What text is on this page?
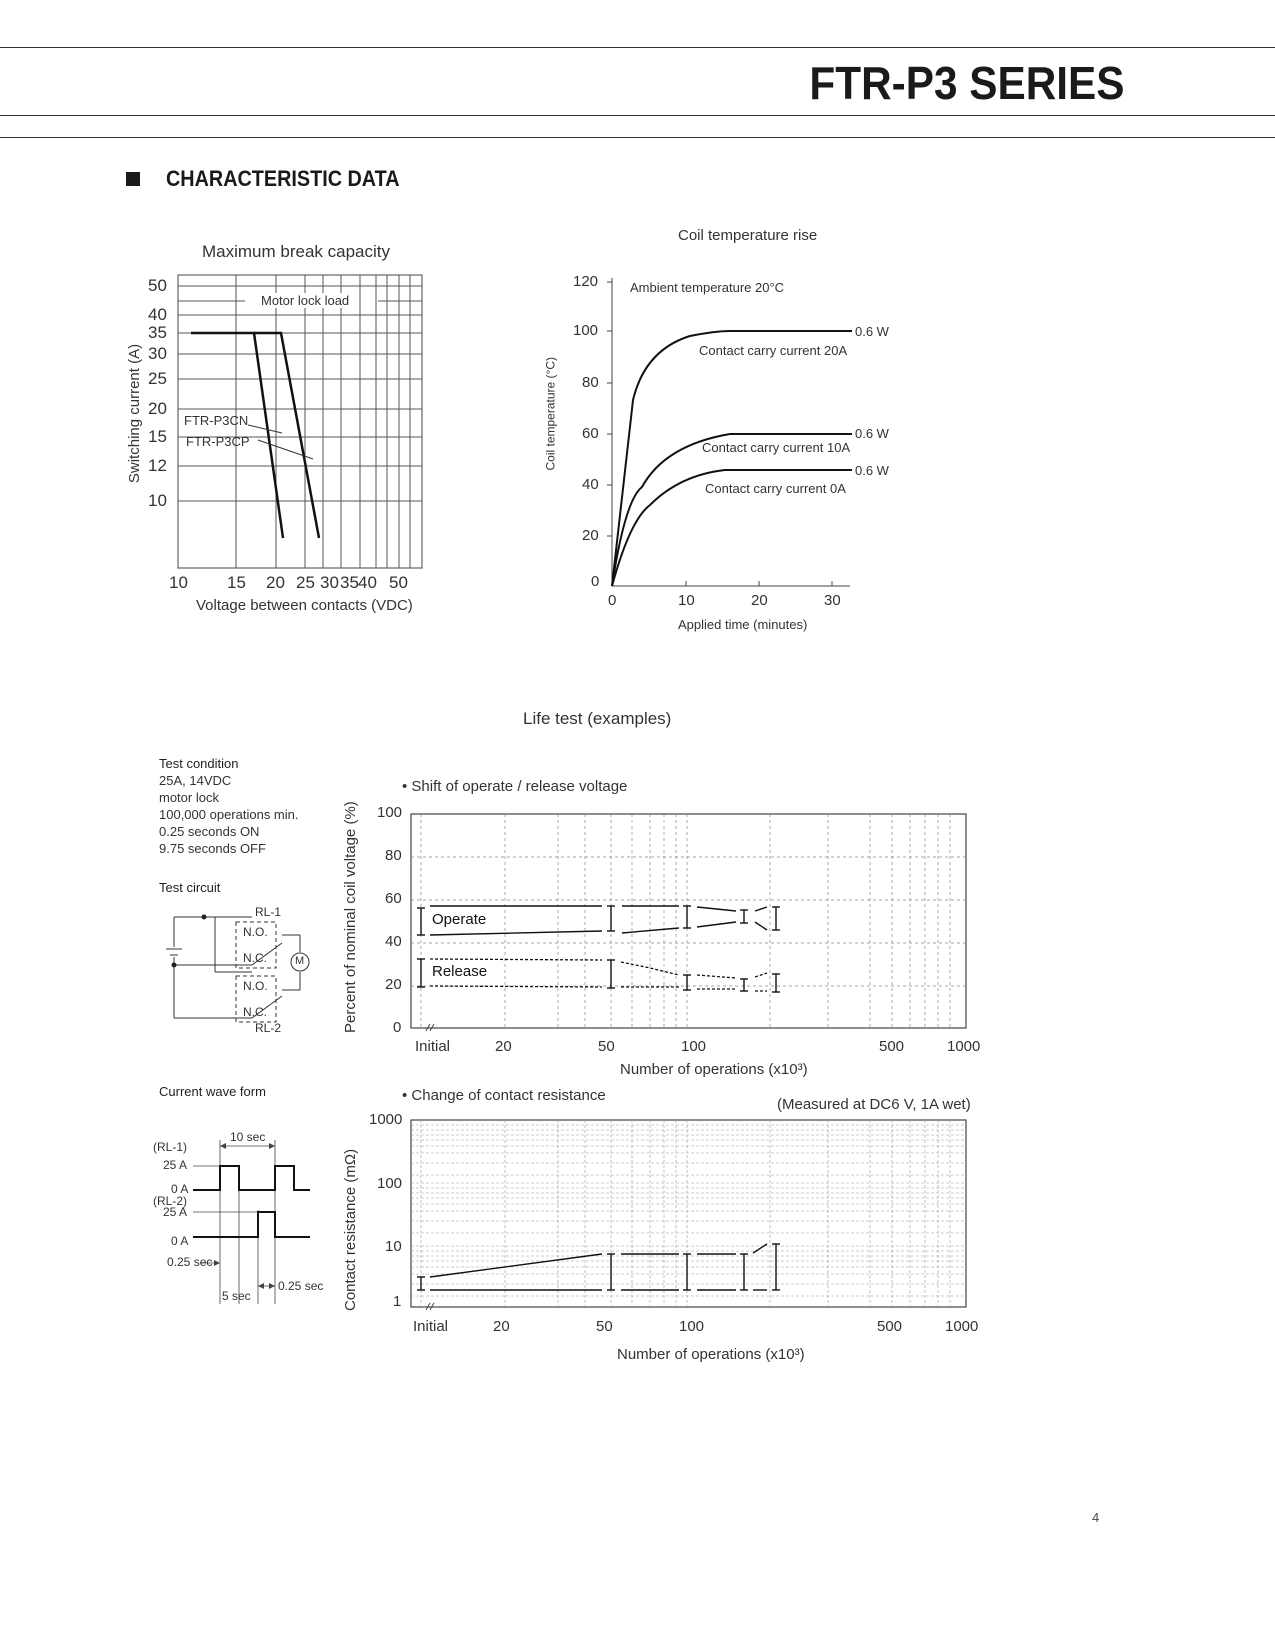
FTR-P3 SERIES
CHARACTERISTIC DATA
Maximum break capacity
Motor lock load
FTR-P3CN
FTR-P3CP
Switching current (A)
50
40
35
30
25
20
15
12
10
10 15 20 25 30 35 40 50
Voltage between contacts (VDC)
Coil temperature rise
Ambient temperature 20°C
Contact carry current 20A
0.6 W
Contact carry current 10A
0.6 W
Contact carry current 0A
0.6 W
Coil temperature (°C)
120
100
80
60
40
20
0
0	10	20	30
Applied time (minutes)
Life test (examples)
Test condition
25A, 14VDC
motor lock
100,000 operations min.
0.25 seconds ON
9.75 seconds OFF
Test circuit
RL-1
N.O.
N.C.
N.O.
N.C.
RL-2
M
Current wave form
10 sec
(RL-1)
25 A
0 A
(RL-2)
25 A
0 A
0.25 sec
5 sec
0.25 sec
• Shift of operate / release voltage
Percent of nominal coil voltage (%) 100
80
60
40
20
0
Operate
Release
Initial	20	50	100	500	1000
Number of operations (x10³)
• Change of contact resistance
(Measured at DC6 V, 1A wet)
Contact resistance (mΩ)
1000
100
10
1
Initial	20	50	100	500	1000
Number of operations (x10³)
4
